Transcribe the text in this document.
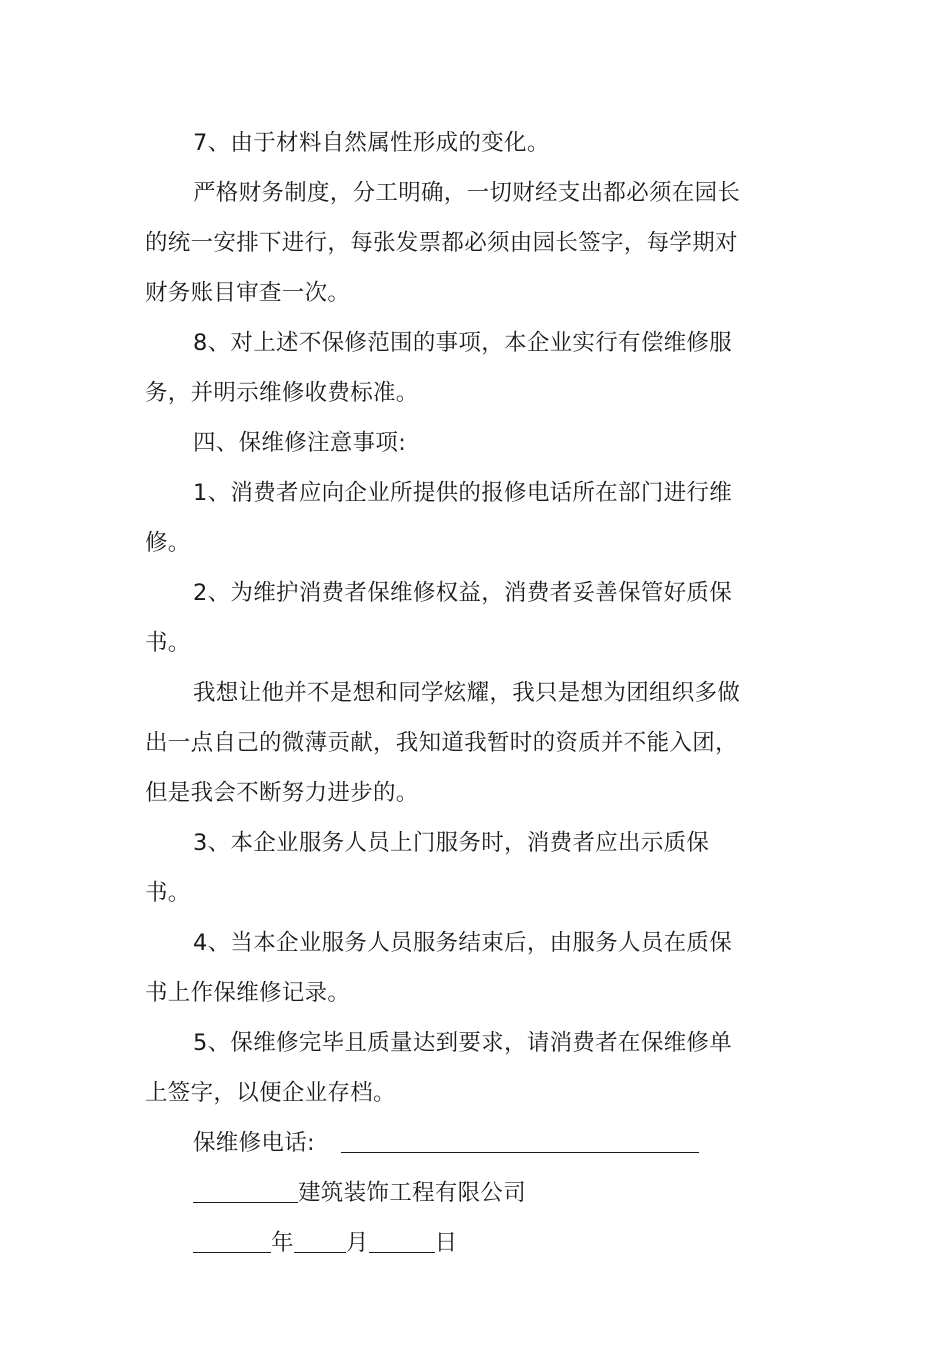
7、由于材料自然属性形成的变化。

严格财务制度，分工明确，一切财经支出都必须在园长的统一安排下进行，每张发票都必须由园长签字，每学期对财务账目审查一次。

8、对上述不保修范围的事项，本企业实行有偿维修服务，并明示维修收费标准。

四、保维修注意事项:

1、消费者应向企业所提供的报修电话所在部门进行维修。

2、为维护消费者保维修权益，消费者妥善保管好质保书。

我想让他并不是想和同学炫耀，我只是想为团组织多做出一点自己的微薄贡献，我知道我暂时的资质并不能入团，但是我会不断努力进步的。

3、本企业服务人员上门服务时，消费者应出示质保书。

4、当本企业服务人员服务结束后，由服务人员在质保书上作保维修记录。

5、保维修完毕且质量达到要求，请消费者在保维修单上签字，以便企业存档。

保维修电话:

建筑装饰工程有限公司

年 月	日
